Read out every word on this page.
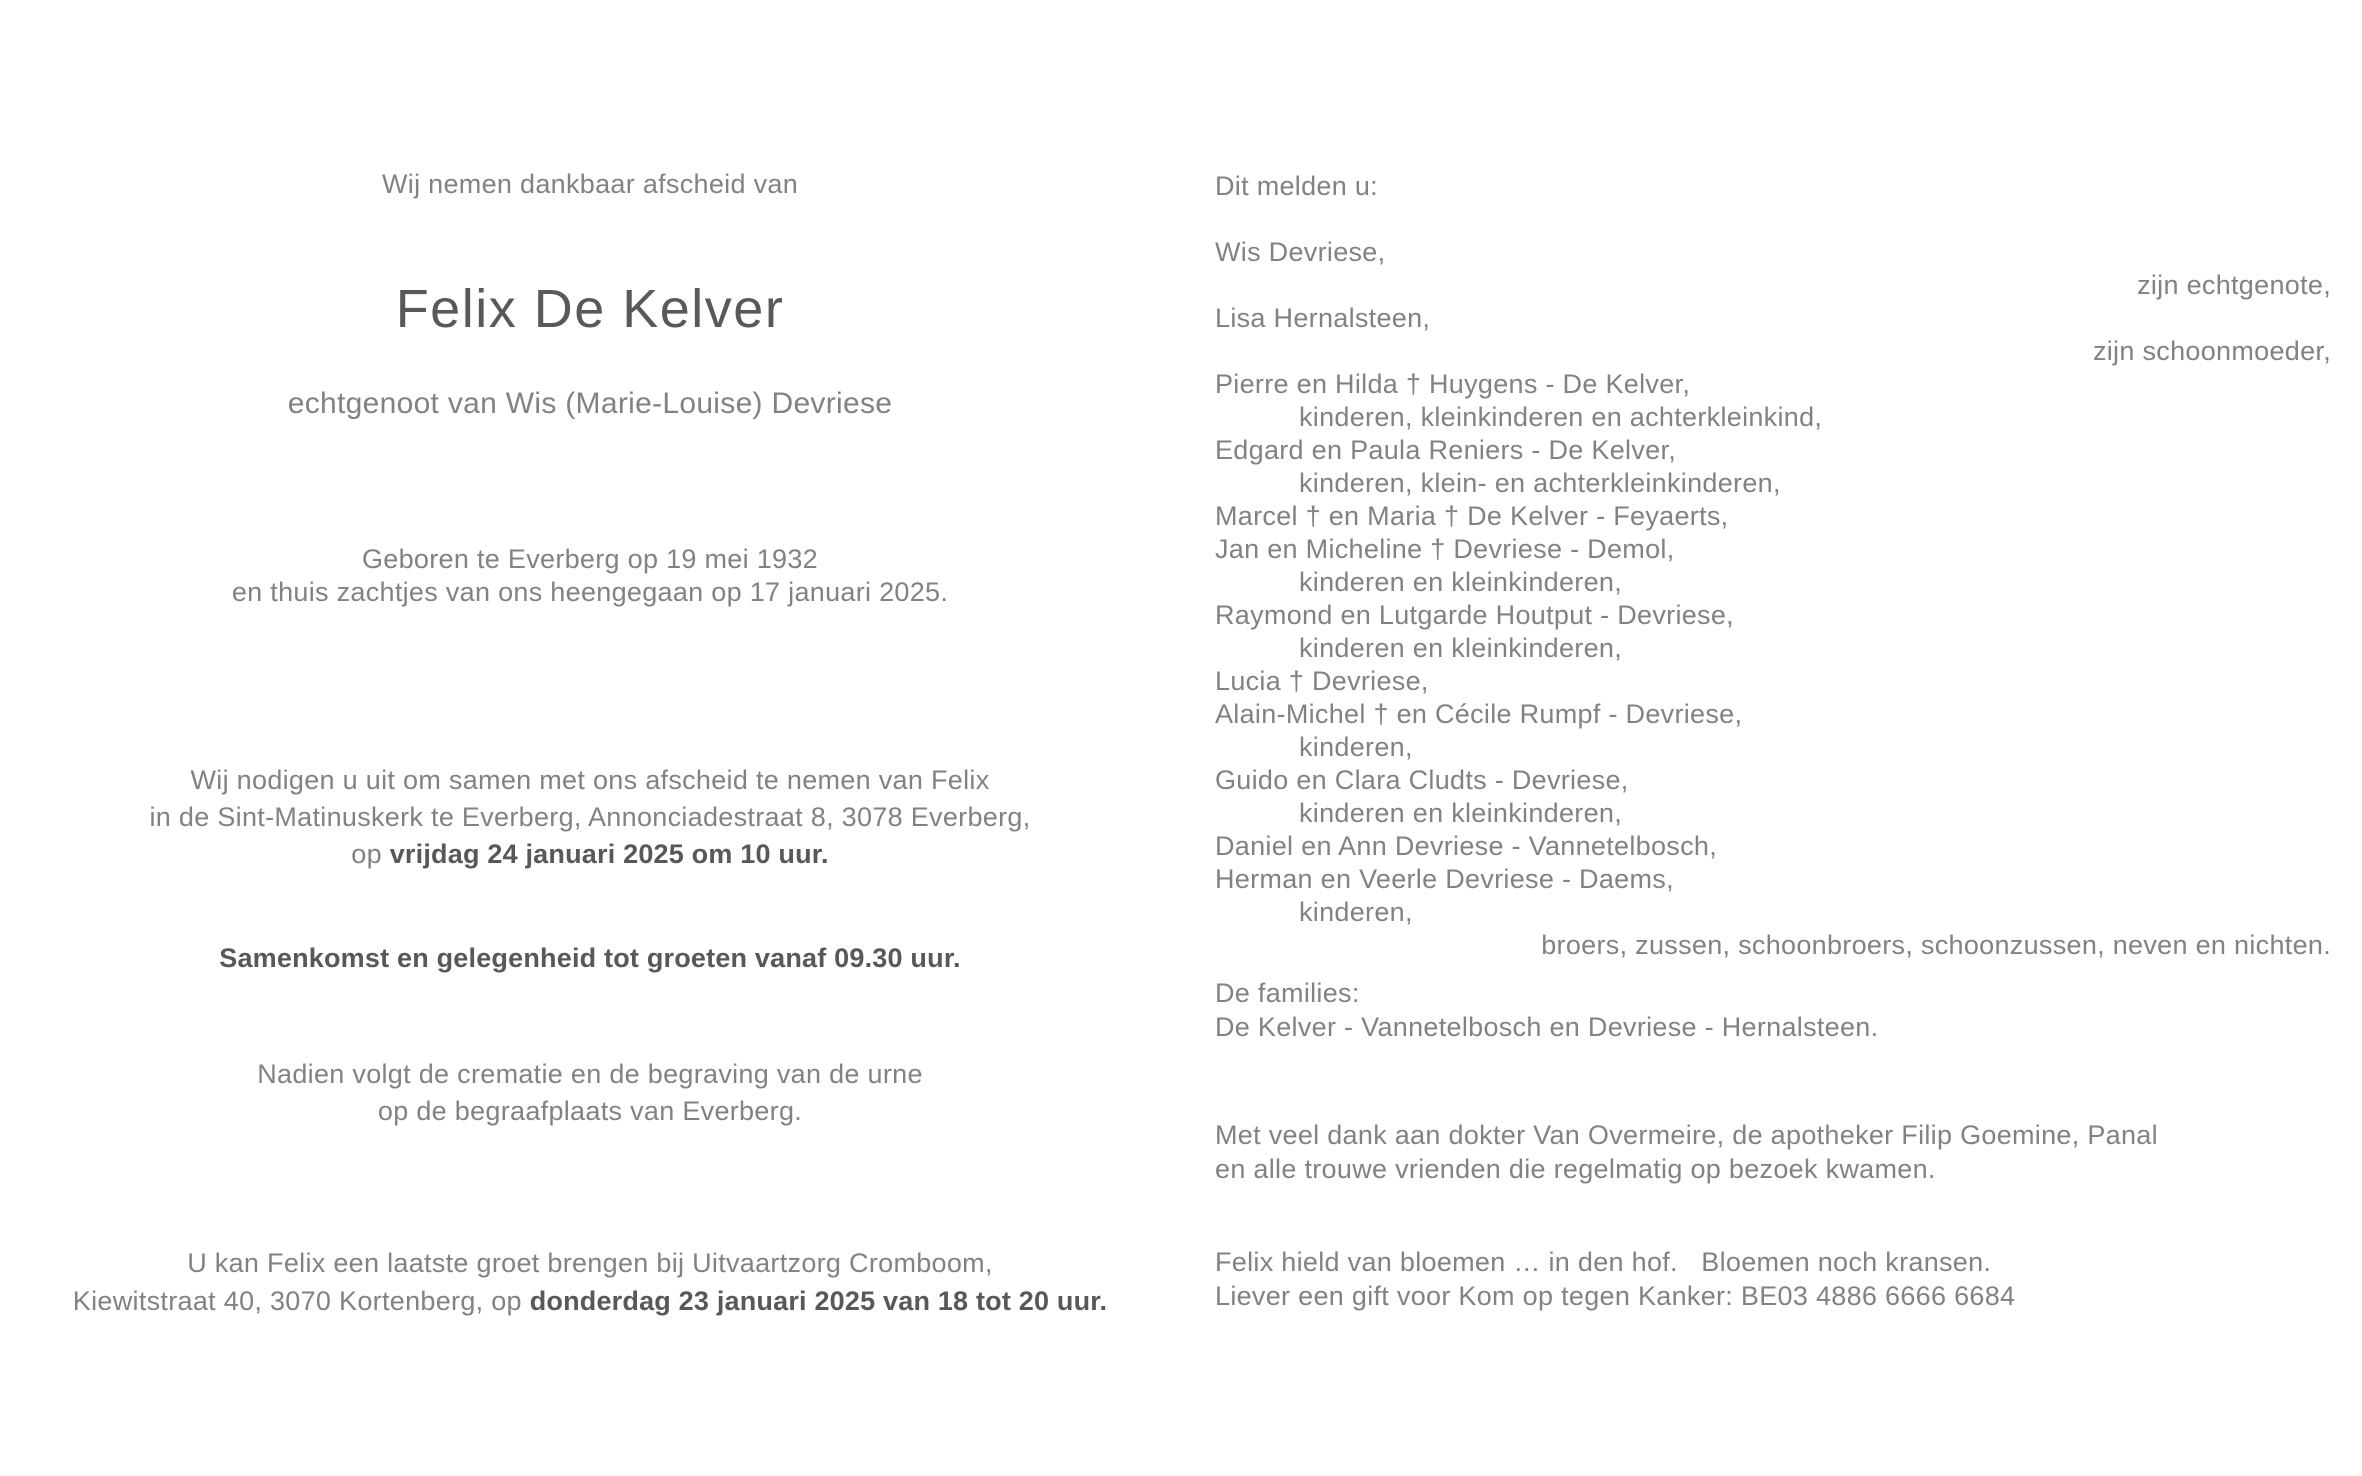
Wij nemen dankbaar afscheid van
Felix De Kelver
echtgenoot van Wis (Marie-Louise) Devriese
Geboren te Everberg op 19 mei 1932
en thuis zachtjes van ons heengegaan op 17 januari 2025.
Wij nodigen u uit om samen met ons afscheid te nemen van Felix
in de Sint-Matinuskerk te Everberg, Annonciadestraat 8, 3078 Everberg,
op vrijdag 24 januari 2025 om 10 uur.
Samenkomst en gelegenheid tot groeten vanaf 09.30 uur.
Nadien volgt de crematie en de begraving van de urne
op de begraafplaats van Everberg.
U kan Felix een laatste groet brengen bij Uitvaartzorg Cromboom,
Kiewitstraat 40, 3070 Kortenberg, op donderdag 23 januari 2025 van 18 tot 20 uur.
Dit melden u:
Wis Devriese,
zijn echtgenote,
Lisa Hernalsteen,
zijn schoonmoeder,
Pierre en Hilda † Huygens - De Kelver,
kinderen, kleinkinderen en achterkleinkind,
Edgard en Paula Reniers - De Kelver,
kinderen, klein- en achterkleinkinderen,
Marcel † en Maria † De Kelver - Feyaerts,
Jan en Micheline † Devriese - Demol,
kinderen en kleinkinderen,
Raymond en Lutgarde Houtput - Devriese,
kinderen en kleinkinderen,
Lucia † Devriese,
Alain-Michel † en Cécile Rumpf - Devriese,
kinderen,
Guido en Clara Cludts - Devriese,
kinderen en kleinkinderen,
Daniel en Ann Devriese - Vannetelbosch,
Herman en Veerle Devriese - Daems,
kinderen,
broers, zussen, schoonbroers, schoonzussen, neven en nichten.
De families:
De Kelver - Vannetelbosch en Devriese - Hernalsteen.
Met veel dank aan dokter Van Overmeire, de apotheker Filip Goemine, Panal
en alle trouwe vrienden die regelmatig op bezoek kwamen.
Felix hield van bloemen … in den hof.   Bloemen noch kransen.
Liever een gift voor Kom op tegen Kanker: BE03 4886 6666 6684
